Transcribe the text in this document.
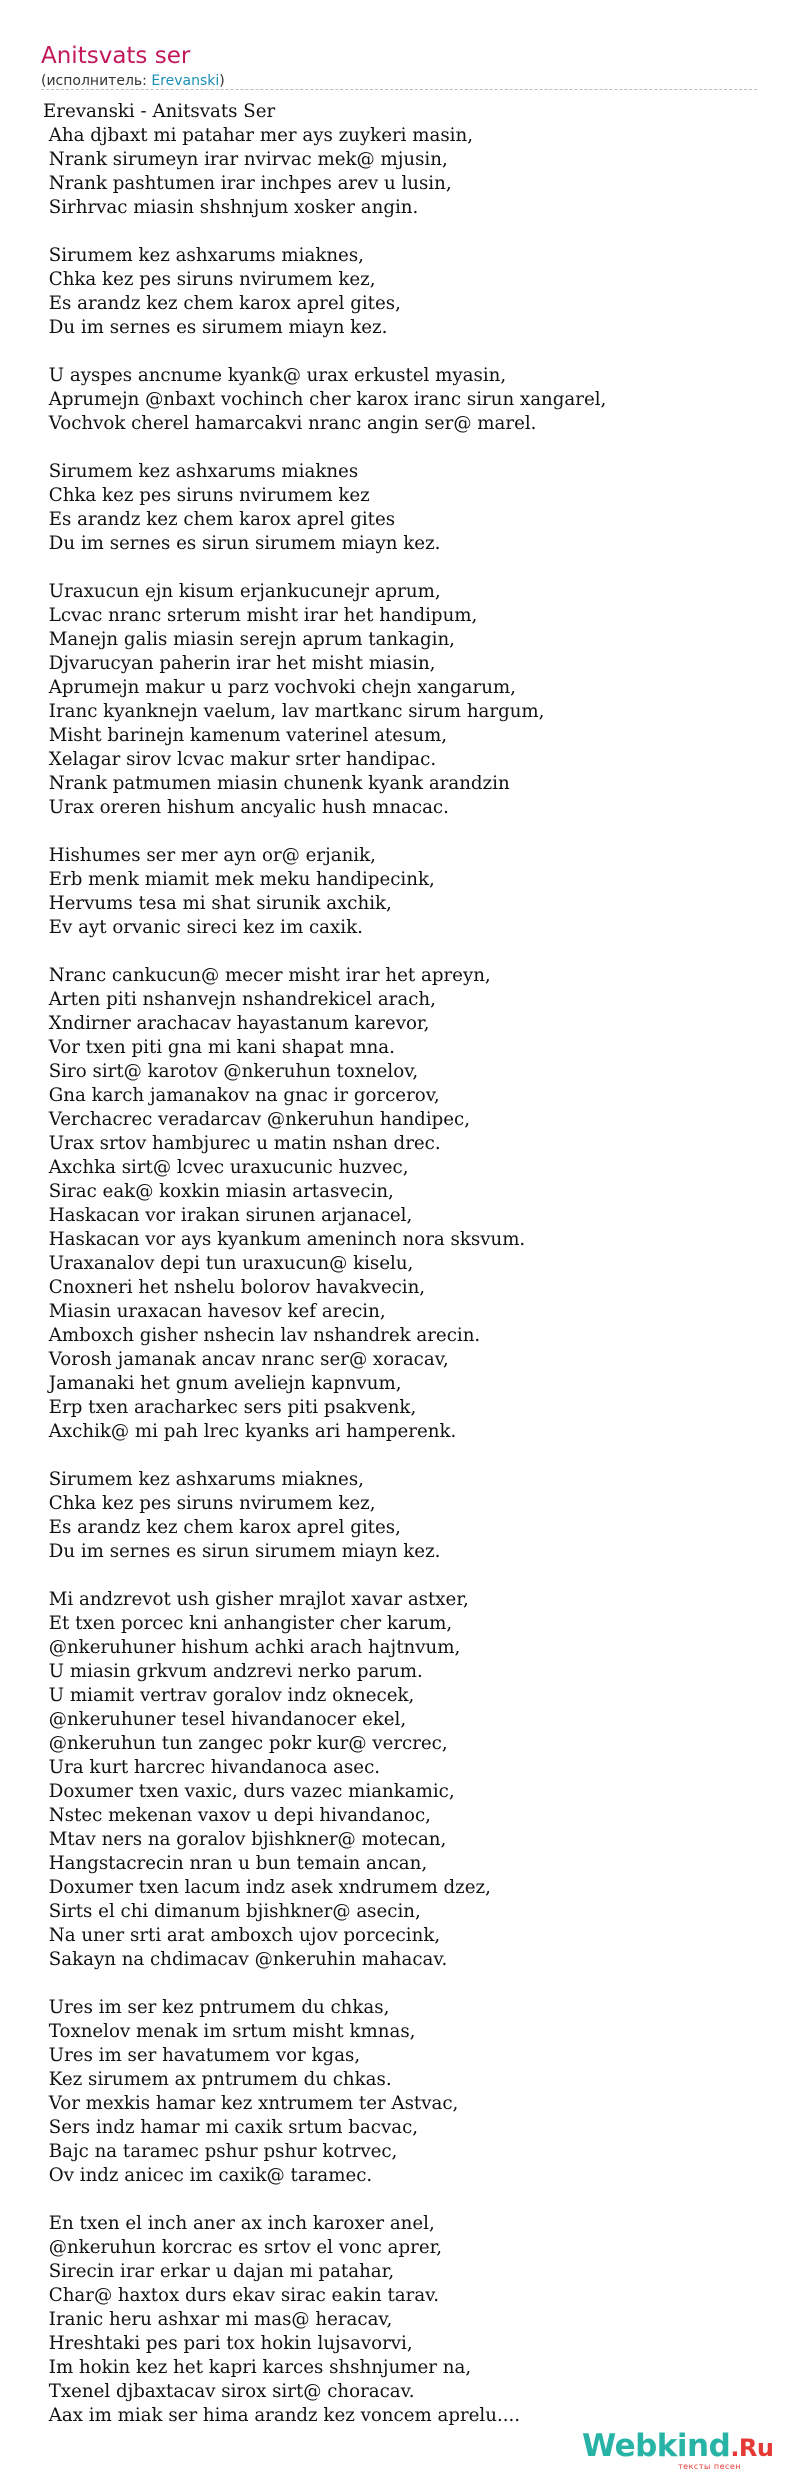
Anitsvats ser
(исполнитель: Erevanski)
Erevanski - Anitsvats Ser
Aha djbaxt mi patahar mer ays zuykeri masin,
Nrank sirumeyn irar nvirvac mek@ mjusin,
Nrank pashtumen irar inchpes arev u lusin,
Sirhrvac miasin shshnjum xosker angin.
Sirumem kez ashxarums miaknes,
Chka kez pes siruns nvirumem kez,
Es arandz kez chem karox aprel gites,
Du im sernes es sirumem miayn kez.
U ayspes ancnume kyank@ urax erkustel myasin,
Aprumejn @nbaxt vochinch cher karox iranc sirun xangarel,
Vochvok cherel hamarcakvi nranc angin ser@ marel.
Sirumem kez ashxarums miaknes
Chka kez pes siruns nvirumem kez
Es arandz kez chem karox aprel gites
Du im sernes es sirun sirumem miayn kez.
Uraxucun ejn kisum erjankucunejr aprum,
Lcvac nranc srterum misht irar het handipum,
Manejn galis miasin serejn aprum tankagin,
Djvarucyan paherin irar het misht miasin,
Aprumejn makur u parz vochvoki chejn xangarum,
Iranc kyanknejn vaelum, lav martkanc sirum hargum,
Misht barinejn kamenum vaterinel atesum,
Xelagar sirov lcvac makur srter handipac.
Nrank patmumen miasin chunenk kyank arandzin
Urax oreren hishum ancyalic hush mnacac.
Hishumes ser mer ayn or@ erjanik,
Erb menk miamit mek meku handipecink,
Hervums tesa mi shat sirunik axchik,
Ev ayt orvanic sireci kez im caxik.
Nranc cankucun@ mecer misht irar het apreyn,
Arten piti nshanvejn nshandrekicel arach,
Xndirner arachacav hayastanum karevor,
Vor txen piti gna mi kani shapat mna.
Siro sirt@ karotov @nkeruhun toxnelov,
Gna karch jamanakov na gnac ir gorcerov,
Verchacrec veradarcav @nkeruhun handipec,
Urax srtov hambjurec u matin nshan drec.
Axchka sirt@ lcvec uraxucunic huzvec,
Sirac eak@ koxkin miasin artasvecin,
Haskacan vor irakan sirunen arjanacel,
Haskacan vor ays kyankum ameninch nora sksvum.
Uraxanalov depi tun uraxucun@ kiselu,
Cnoxneri het nshelu bolorov havakvecin,
Miasin uraxacan havesov kef arecin,
Amboxch gisher nshecin lav nshandrek arecin.
Vorosh jamanak ancav nranc ser@ xoracav,
Jamanaki het gnum aveliejn kapnvum,
Erp txen aracharkec sers piti psakvenk,
Axchik@ mi pah lrec kyanks ari hamperenk.
Sirumem kez ashxarums miaknes,
Chka kez pes siruns nvirumem kez,
Es arandz kez chem karox aprel gites,
Du im sernes es sirun sirumem miayn kez.
Mi andzrevot ush gisher mrajlot xavar astxer,
Et txen porcec kni anhangister cher karum,
@nkeruhuner hishum achki arach hajtnvum,
U miasin grkvum andzrevi nerko parum.
U miamit vertrav goralov indz oknecek,
@nkeruhuner tesel hivandanocer ekel,
@nkeruhun tun zangec pokr kur@ vercrec,
Ura kurt harcrec hivandanoca asec.
Doxumer txen vaxic, durs vazec miankamic,
Nstec mekenan vaxov u depi hivandanoc,
Mtav ners na goralov bjishkner@ motecan,
Hangstacrecin nran u bun temain ancan,
Doxumer txen lacum indz asek xndrumem dzez,
Sirts el chi dimanum bjishkner@ asecin,
Na uner srti arat amboxch ujov porcecink,
Sakayn na chdimacav @nkeruhin mahacav.
Ures im ser kez pntrumem du chkas,
Toxnelov menak im srtum misht kmnas,
Ures im ser havatumem vor kgas,
Kez sirumem ax pntrumem du chkas.
Vor mexkis hamar kez xntrumem ter Astvac,
Sers indz hamar mi caxik srtum bacvac,
Bajc na taramec pshur pshur kotrvec,
Ov indz anicec im caxik@ taramec.
En txen el inch aner ax inch karoxer anel,
@nkeruhun korcrac es srtov el vonc aprer,
Sirecin irar erkar u dajan mi patahar,
Char@ haxtox durs ekav sirac eakin tarav.
Iranic heru ashxar mi mas@ heracav,
Hreshtaki pes pari tox hokin lujsavorvi,
Im hokin kez het kapri karces shshnjumer na,
Txenel djbaxtacav sirox sirt@ choracav.
Aax im miak ser hima arandz kez voncem aprelu....
Webkind.Ru
тексты песен
